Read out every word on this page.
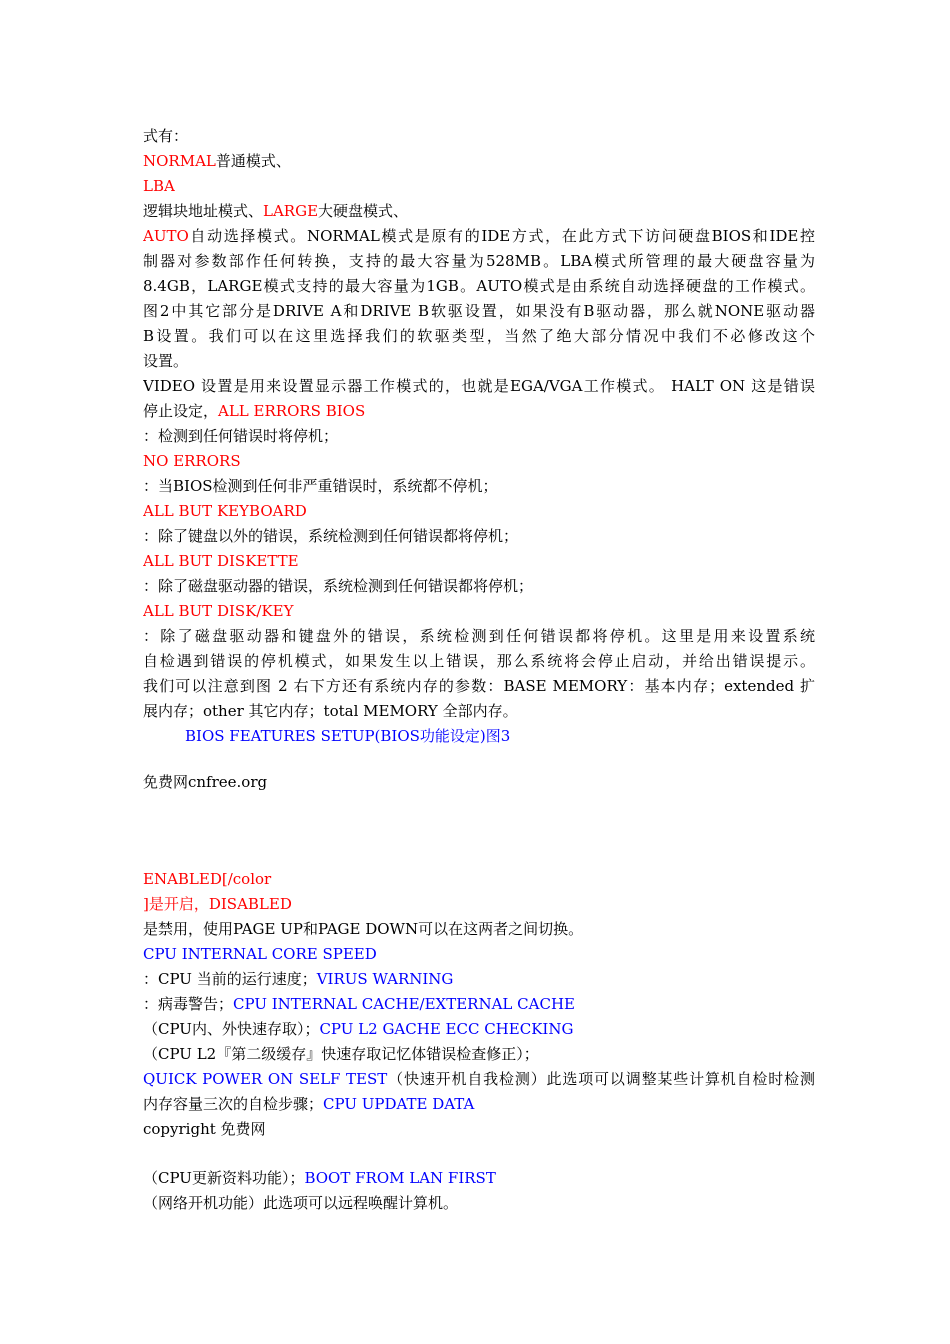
式有：
NORMAL普通模式、
LBA
逻辑块地址模式、LARGE大硬盘模式、
AUTO自动选择模式。NORMAL模式是原有的IDE方式，在此方式下访问硬盘BIOS和IDE控
制器对参数部作任何转换，支持的最大容量为528MB。LBA模式所管理的最大硬盘容量为
8.4GB，LARGE模式支持的最大容量为1GB。AUTO模式是由系统自动选择硬盘的工作模式。
图2中其它部分是DRIVE A和DRIVE B软驱设置，如果没有B驱动器，那么就NONE驱动器
B设置。我们可以在这里选择我们的软驱类型，当然了绝大部分情况中我们不必修改这个
设置。
VIDEO 设置是用来设置显示器工作模式的，也就是EGA/VGA工作模式。 HALT ON 这是错误
停止设定，ALL ERRORS BIOS
：检测到任何错误时将停机；
NO ERRORS
：当BIOS检测到任何非严重错误时，系统都不停机；
ALL BUT KEYBOARD
：除了键盘以外的错误，系统检测到任何错误都将停机；
ALL BUT DISKETTE
：除了磁盘驱动器的错误，系统检测到任何错误都将停机；
ALL BUT DISK/KEY
：除了磁盘驱动器和键盘外的错误，系统检测到任何错误都将停机。这里是用来设置系统
自检遇到错误的停机模式，如果发生以上错误，那么系统将会停止启动，并给出错误提示。
我们可以注意到图 2 右下方还有系统内存的参数：BASE MEMORY：基本内存；extended 扩
展内存；other 其它内存；total MEMORY 全部内存。
BIOS FEATURES SETUP(BIOS功能设定)图3
免费网cnfree.org
ENABLED[/color
]是开启，DISABLED
是禁用，使用PAGE UP和PAGE DOWN可以在这两者之间切换。
CPU INTERNAL CORE SPEED
：CPU 当前的运行速度；VIRUS WARNING
：病毒警告；CPU INTERNAL CACHE/EXTERNAL CACHE
（CPU内、外快速存取）；CPU L2 GACHE ECC CHECKING
（CPU L2『第二级缓存』快速存取记忆体错误检查修正）；
QUICK POWER ON SELF TEST（快速开机自我检测）此选项可以调整某些计算机自检时检测
内存容量三次的自检步骤；CPU UPDATE DATA
copyright 免费网
（CPU更新资料功能）；BOOT FROM LAN FIRST
（网络开机功能）此选项可以远程唤醒计算机。
